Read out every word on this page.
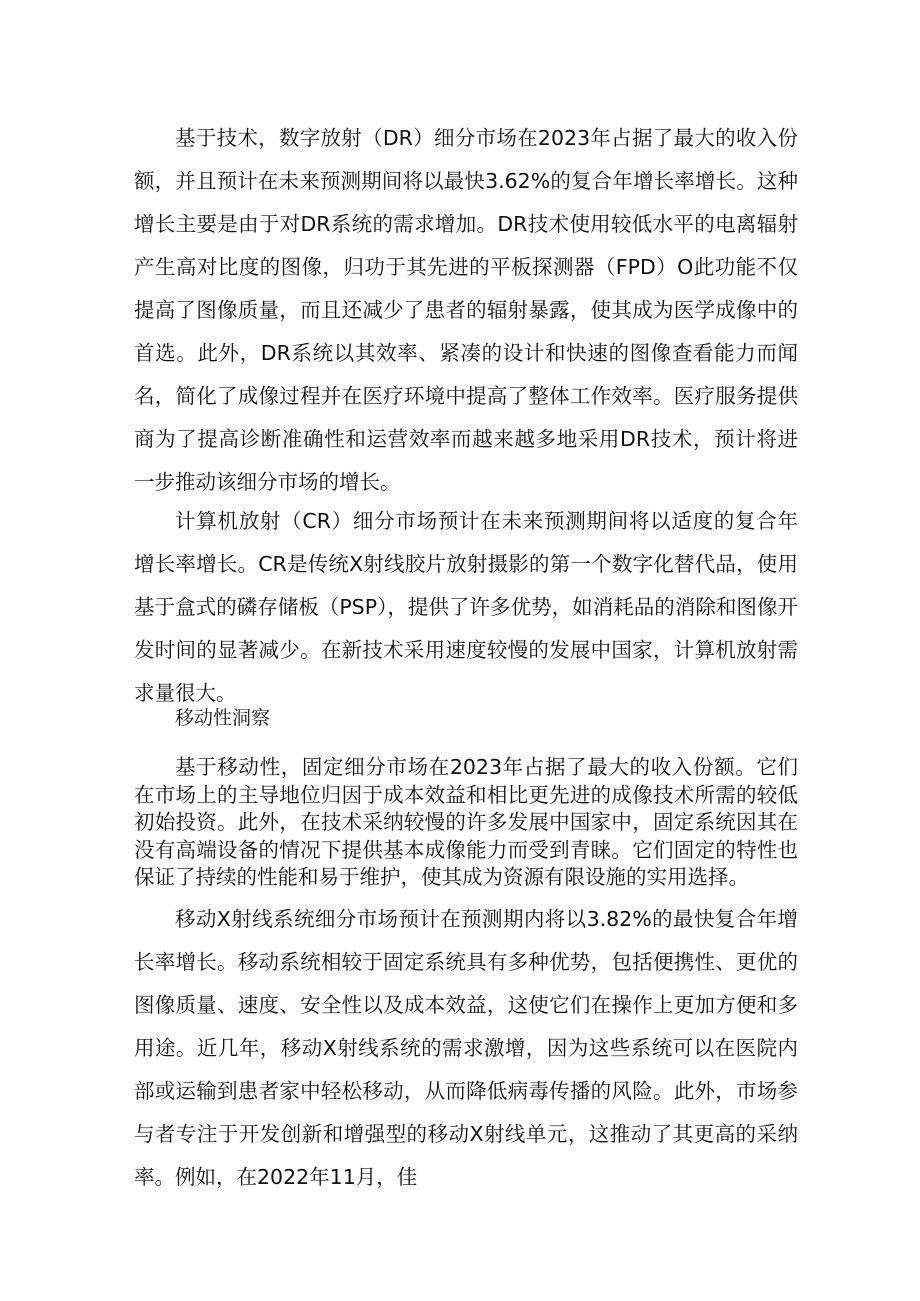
基于技术，数字放射（DR）细分市场在2023年占据了最大的收入份额，并且预计在未来预测期间将以最快3.62%的复合年增长率增长。这种增长主要是由于对DR系统的需求增加。DR技术使用较低水平的电离辐射产生高对比度的图像，归功于其先进的平板探测器（FPD）O此功能不仅提高了图像质量，而且还减少了患者的辐射暴露，使其成为医学成像中的首选。此外，DR系统以其效率、紧凑的设计和快速的图像查看能力而闻名，简化了成像过程并在医疗环境中提高了整体工作效率。医疗服务提供商为了提高诊断准确性和运营效率而越来越多地采用DR技术，预计将进一步推动该细分市场的增长。

计算机放射（CR）细分市场预计在未来预测期间将以适度的复合年增长率增长。CR是传统X射线胶片放射摄影的第一个数字化替代品，使用基于盒式的磷存储板（PSP），提供了许多优势，如消耗品的消除和图像开发时间的显著减少。在新技术采用速度较慢的发展中国家，计算机放射需求量很大。

移动性洞察

基于移动性，固定细分市场在2023年占据了最大的收入份额。它们在市场上的主导地位归因于成本效益和相比更先进的成像技术所需的较低初始投资。此外，在技术采纳较慢的许多发展中国家中，固定系统因其在没有高端设备的情况下提供基本成像能力而受到青睐。它们固定的特性也保证了持续的性能和易于维护，使其成为资源有限设施的实用选择。

移动X射线系统细分市场预计在预测期内将以3.82%的最快复合年增长率增长。移动系统相较于固定系统具有多种优势，包括便携性、更优的图像质量、速度、安全性以及成本效益，这使它们在操作上更加方便和多用途。近几年，移动X射线系统的需求激增，因为这些系统可以在医院内部或运输到患者家中轻松移动，从而降低病毒传播的风险。此外，市场参与者专注于开发创新和增强型的移动X射线单元，这推动了其更高的采纳率。例如，在2022年11月，佳
